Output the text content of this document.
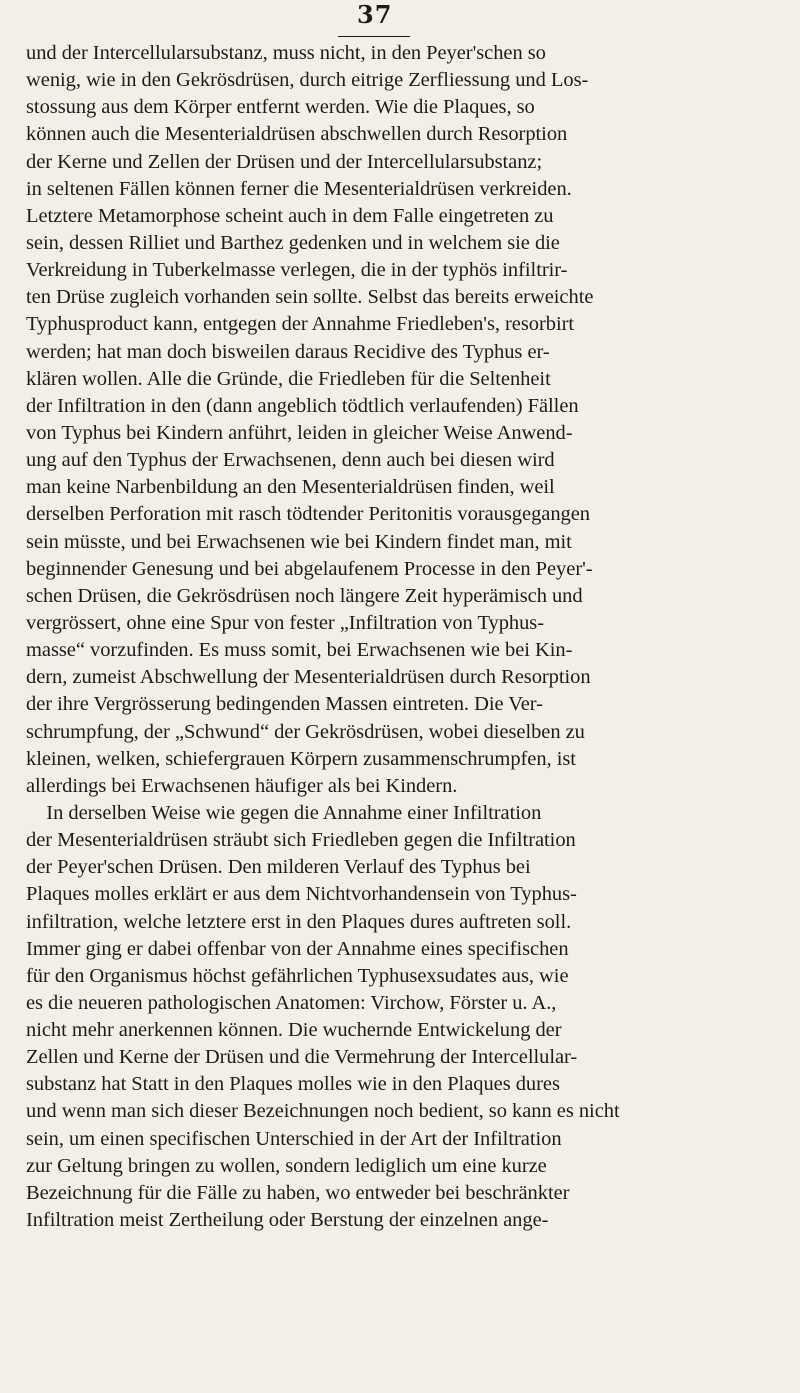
37
und der Intercellularsubstanz, muss nicht, in den Peyer'schen so
wenig, wie in den Gekrösdrüsen, durch eitrige Zerfliessung und Los-
stossung aus dem Körper entfernt werden. Wie die Plaques, so
können auch die Mesenterialdrüsen abschwellen durch Resorption
der Kerne und Zellen der Drüsen und der Intercellularsubstanz;
in seltenen Fällen können ferner die Mesenterialdrüsen verkreiden.
Letztere Metamorphose scheint auch in dem Falle eingetreten zu
sein, dessen Rilliet und Barthez gedenken und in welchem sie die
Verkreidung in Tuberkelmasse verlegen, die in der typhös infiltrir-
ten Drüse zugleich vorhanden sein sollte. Selbst das bereits erweichte
Typhusproduct kann, entgegen der Annahme Friedleben's, resorbirt
werden; hat man doch bisweilen daraus Recidive des Typhus er-
klären wollen. Alle die Gründe, die Friedleben für die Seltenheit
der Infiltration in den (dann angeblich tödtlich verlaufenden) Fällen
von Typhus bei Kindern anführt, leiden in gleicher Weise Anwend-
ung auf den Typhus der Erwachsenen, denn auch bei diesen wird
man keine Narbenbildung an den Mesenterialdrüsen finden, weil
derselben Perforation mit rasch tödtender Peritonitis vorausgegangen
sein müsste, und bei Erwachsenen wie bei Kindern findet man, mit
beginnender Genesung und bei abgelaufenem Processe in den Peyer'-
schen Drüsen, die Gekrösdrüsen noch längere Zeit hyperämisch und
vergrössert, ohne eine Spur von fester „Infiltration von Typhus-
masse“ vorzufinden. Es muss somit, bei Erwachsenen wie bei Kin-
dern, zumeist Abschwellung der Mesenterialdrüsen durch Resorption
der ihre Vergrösserung bedingenden Massen eintreten. Die Ver-
schrumpfung, der „Schwund“ der Gekrösdrüsen, wobei dieselben zu
kleinen, welken, schiefergrauen Körpern zusammenschrumpfen, ist
allerdings bei Erwachsenen häufiger als bei Kindern.
In derselben Weise wie gegen die Annahme einer Infiltration
der Mesenterialdrüsen sträubt sich Friedleben gegen die Infiltration
der Peyer'schen Drüsen. Den milderen Verlauf des Typhus bei
Plaques molles erklärt er aus dem Nichtvorhandensein von Typhus-
infiltration, welche letztere erst in den Plaques dures auftreten soll.
Immer ging er dabei offenbar von der Annahme eines specifischen
für den Organismus höchst gefährlichen Typhusexsudates aus, wie
es die neueren pathologischen Anatomen: Virchow, Förster u. A.,
nicht mehr anerkennen können. Die wuchernde Entwickelung der
Zellen und Kerne der Drüsen und die Vermehrung der Intercellular-
substanz hat Statt in den Plaques molles wie in den Plaques dures
und wenn man sich dieser Bezeichnungen noch bedient, so kann es nicht
sein, um einen specifischen Unterschied in der Art der Infiltration
zur Geltung bringen zu wollen, sondern lediglich um eine kurze
Bezeichnung für die Fälle zu haben, wo entweder bei beschränkter
Infiltration meist Zertheilung oder Berstung der einzelnen ange-
